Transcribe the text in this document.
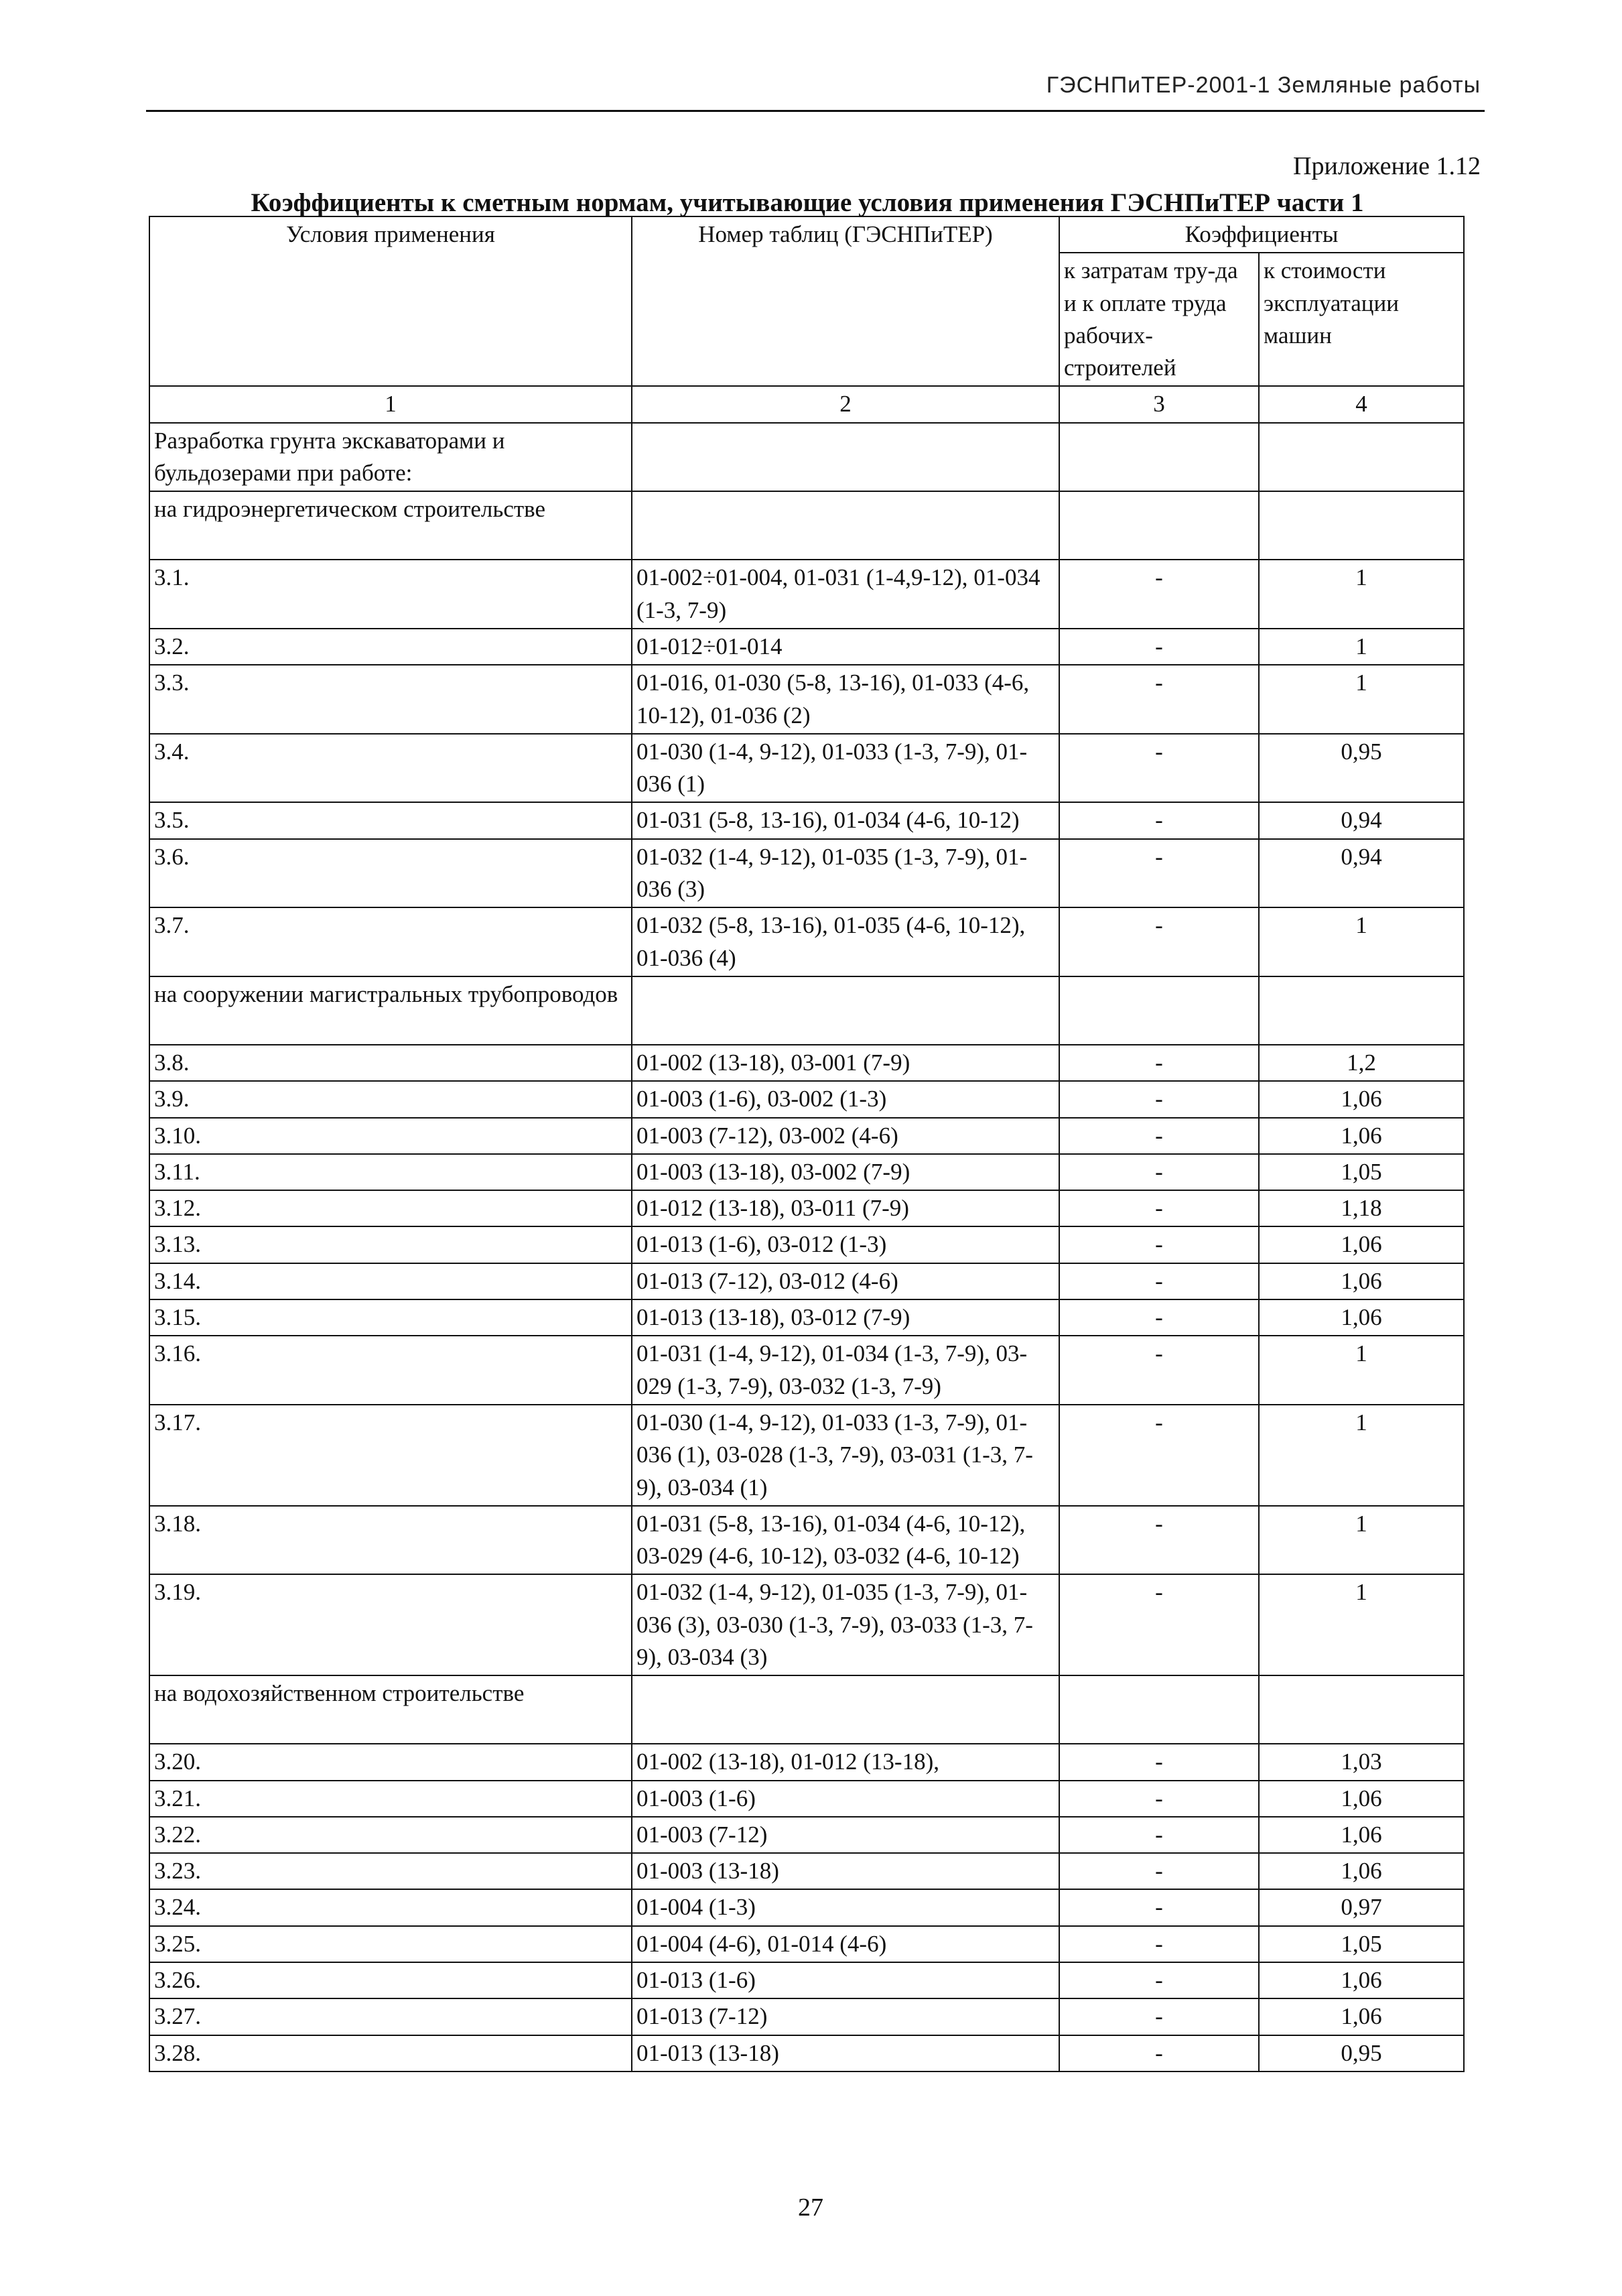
ГЭСНПиТЕР-2001-1 Земляные работы
Приложение 1.12
Коэффициенты к сметным нормам, учитывающие условия применения ГЭСНПиТЕР части 1
Условия применения	Номер таблиц (ГЭСНПиТЕР)	Коэффициенты	
		к затратам тру-да и к оплате труда рабочих-строителей	к стоимости эксплуатации машин
1	2	3	4
Разработка грунта экскаваторами и бульдозерами при работе:			
на гидроэнергетическом строительстве			
3.1.	01-002÷01-004, 01-031 (1-4,9-12), 01-034 (1-3, 7-9)	-	1
3.2.	01-012÷01-014	-	1
3.3.	01-016, 01-030 (5-8, 13-16), 01-033 (4-6, 10-12), 01-036 (2)	-	1
3.4.	01-030 (1-4, 9-12), 01-033 (1-3, 7-9), 01-036 (1)	-	0,95
3.5.	01-031 (5-8, 13-16), 01-034 (4-6, 10-12)	-	0,94
3.6.	01-032 (1-4, 9-12), 01-035 (1-3, 7-9), 01-036 (3)	-	0,94
3.7.	01-032 (5-8, 13-16), 01-035 (4-6, 10-12), 01-036 (4)	-	1
на сооружении магистральных трубопроводов			
3.8.	01-002 (13-18), 03-001 (7-9)	-	1,2
3.9.	01-003 (1-6), 03-002 (1-3)	-	1,06
3.10.	01-003 (7-12), 03-002 (4-6)	-	1,06
3.11.	01-003 (13-18), 03-002 (7-9)	-	1,05
3.12.	01-012 (13-18), 03-011 (7-9)	-	1,18
3.13.	01-013 (1-6), 03-012 (1-3)	-	1,06
3.14.	01-013 (7-12), 03-012 (4-6)	-	1,06
3.15.	01-013 (13-18), 03-012 (7-9)	-	1,06
3.16.	01-031 (1-4, 9-12), 01-034 (1-3, 7-9), 03-029 (1-3, 7-9), 03-032 (1-3, 7-9)	-	1
3.17.	01-030 (1-4, 9-12), 01-033 (1-3, 7-9), 01-036 (1), 03-028 (1-3, 7-9), 03-031 (1-3, 7-9), 03-034 (1)	-	1
3.18.	01-031 (5-8, 13-16), 01-034 (4-6, 10-12), 03-029 (4-6, 10-12), 03-032 (4-6, 10-12)	-	1
3.19.	01-032 (1-4, 9-12), 01-035 (1-3, 7-9), 01-036 (3), 03-030 (1-3, 7-9), 03-033 (1-3, 7-9), 03-034 (3)	-	1
на водохозяйственном строительстве			
3.20.	01-002 (13-18), 01-012 (13-18),	-	1,03
3.21.	01-003 (1-6)	-	1,06
3.22.	01-003 (7-12)	-	1,06
3.23.	01-003 (13-18)	-	1,06
3.24.	01-004 (1-3)	-	0,97
3.25.	01-004 (4-6), 01-014 (4-6)	-	1,05
3.26.	01-013 (1-6)	-	1,06
3.27.	01-013 (7-12)	-	1,06
3.28.	01-013 (13-18)	-	0,95
27
